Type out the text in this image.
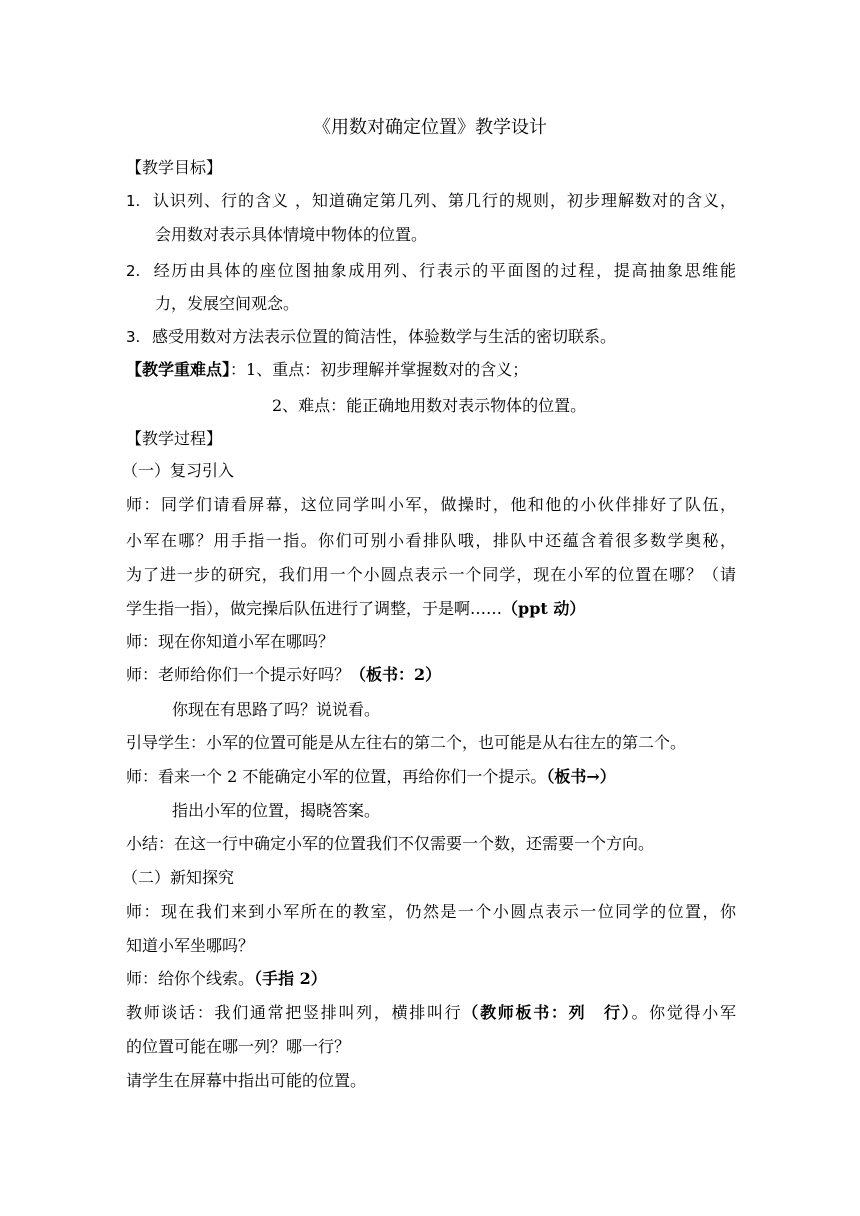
《用数对确定位置》教学设计
【教学目标】
1. 认识列、行的含义 ，知道确定第几列、第几行的规则，初步理解数对的含义，
会用数对表示具体情境中物体的位置。
2. 经历由具体的座位图抽象成用列、行表示的平面图的过程，提高抽象思维能
力，发展空间观念。
3. 感受用数对方法表示位置的简洁性，体验数学与生活的密切联系。
【教学重难点】：1、重点：初步理解并掌握数对的含义；
2、难点：能正确地用数对表示物体的位置。
【教学过程】
（一）复习引入
师：同学们请看屏幕，这位同学叫小军，做操时，他和他的小伙伴排好了队伍，
小军在哪？用手指一指。你们可别小看排队哦，排队中还蕴含着很多数学奥秘，
为了进一步的研究，我们用一个小圆点表示一个同学，现在小军的位置在哪？（请
学生指一指），做完操后队伍进行了调整，于是啊……（ppt 动）
师：现在你知道小军在哪吗？
师：老师给你们一个提示好吗？（板书：2）
你现在有思路了吗？说说看。
引导学生：小军的位置可能是从左往右的第二个，也可能是从右往左的第二个。
师：看来一个 2 不能确定小军的位置，再给你们一个提示。（板书→）
指出小军的位置，揭晓答案。
小结：在这一行中确定小军的位置我们不仅需要一个数，还需要一个方向。
（二）新知探究
师：现在我们来到小军所在的教室，仍然是一个小圆点表示一位同学的位置，你
知道小军坐哪吗？
师：给你个线索。（手指 2）
教师谈话：我们通常把竖排叫列，横排叫行（教师板书：列　行）。你觉得小军
的位置可能在哪一列？哪一行？
请学生在屏幕中指出可能的位置。
